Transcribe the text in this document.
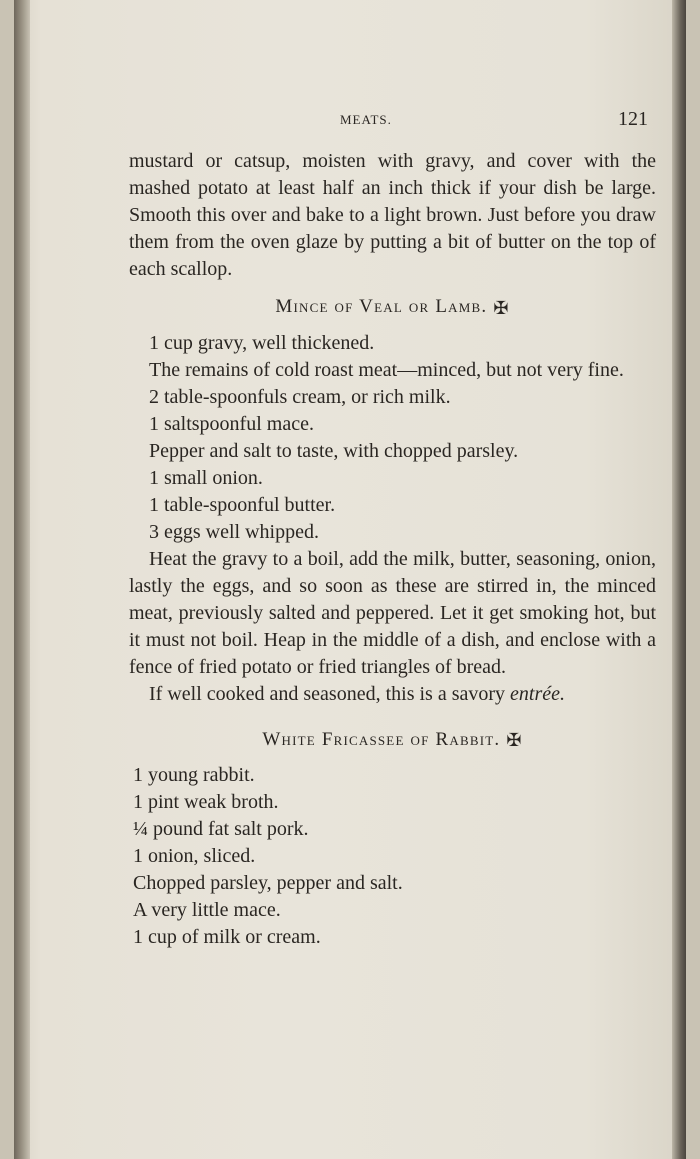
MEATS.	121

mustard or catsup, moisten with gravy, and cover with the mashed potato at least half an inch thick if your dish be large. Smooth this over and bake to a light brown. Just before you draw them from the oven glaze by putting a bit of butter on the top of each scallop.

Mince of Veal or Lamb. ✠

1 cup gravy, well thickened.

The remains of cold roast meat—minced, but not very fine.

2 table-spoonfuls cream, or rich milk.

1 saltspoonful mace.

Pepper and salt to taste, with chopped parsley.

1 small onion.

1 table-spoonful butter.

3 eggs well whipped.

Heat the gravy to a boil, add the milk, butter, seasoning, onion, lastly the eggs, and so soon as these are stirred in, the minced meat, previously salted and peppered. Let it get smoking hot, but it must not boil. Heap in the middle of a dish, and enclose with a fence of fried potato or fried triangles of bread.

If well cooked and seasoned, this is a savory entrée.

White Fricassee of Rabbit. ✠

1 young rabbit.

1 pint weak broth.

¼ pound fat salt pork.

1 onion, sliced.

Chopped parsley, pepper and salt.

A very little mace.

1 cup of milk or cream.
